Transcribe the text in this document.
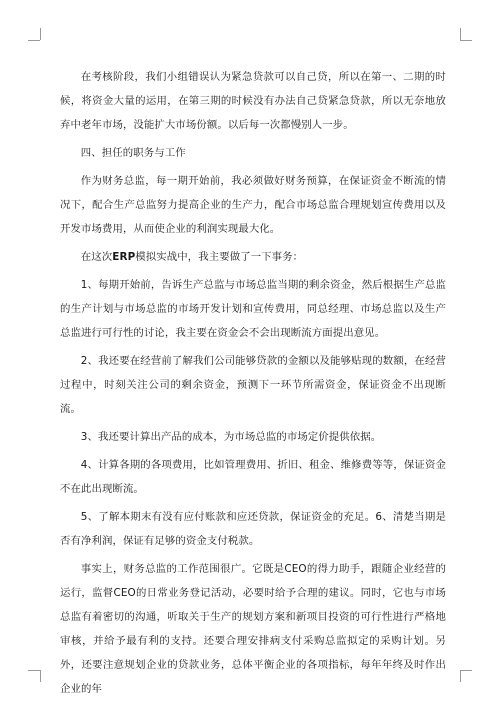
在考核阶段，我们小组错误认为紧急贷款可以自己贷，所以在第一、二期的时候，将资金大量的运用，在第三期的时候没有办法自己贷紧急贷款，所以无奈地放弃中老年市场，没能扩大市场份额。以后每一次都慢别人一步。

四、担任的职务与工作

作为财务总监，每一期开始前，我必须做好财务预算，在保证资金不断流的情况下，配合生产总监努力提高企业的生产力，配合市场总监合理规划宣传费用以及开发市场费用，从而使企业的利润实现最大化。

在这次ERP模拟实战中，我主要做了一下事务：

1、每期开始前，告诉生产总监与市场总监当期的剩余资金，然后根据生产总监的生产计划与市场总监的市场开发计划和宣传费用，同总经理、市场总监以及生产总监进行可行性的讨论，我主要在资金会不会出现断流方面提出意见。

2、我还要在经营前了解我们公司能够贷款的金额以及能够贴现的数额，在经营过程中，时刻关注公司的剩余资金，预测下一环节所需资金，保证资金不出现断流。

3、我还要计算出产品的成本，为市场总监的市场定价提供依据。

4、计算各期的各项费用，比如管理费用、折旧、租金、维修费等等，保证资金不在此出现断流。

5、了解本期末有没有应付账款和应还贷款，保证资金的充足。6、清楚当期是否有净利润，保证有足够的资金支付税款。

事实上，财务总监的工作范围很广。它既是CEO的得力助手，跟随企业经营的运行，监督CEO的日常业务登记活动，必要时给予合理的建议。同时，它也与市场总监有着密切的沟通，听取关于生产的规划方案和新项目投资的可行性进行严格地审核，并给予最有利的支持。还要合理安排病支付采购总监拟定的采购计划。另外，还要注意规划企业的贷款业务，总体平衡企业的各项指标，每年年终及时作出企业的年
